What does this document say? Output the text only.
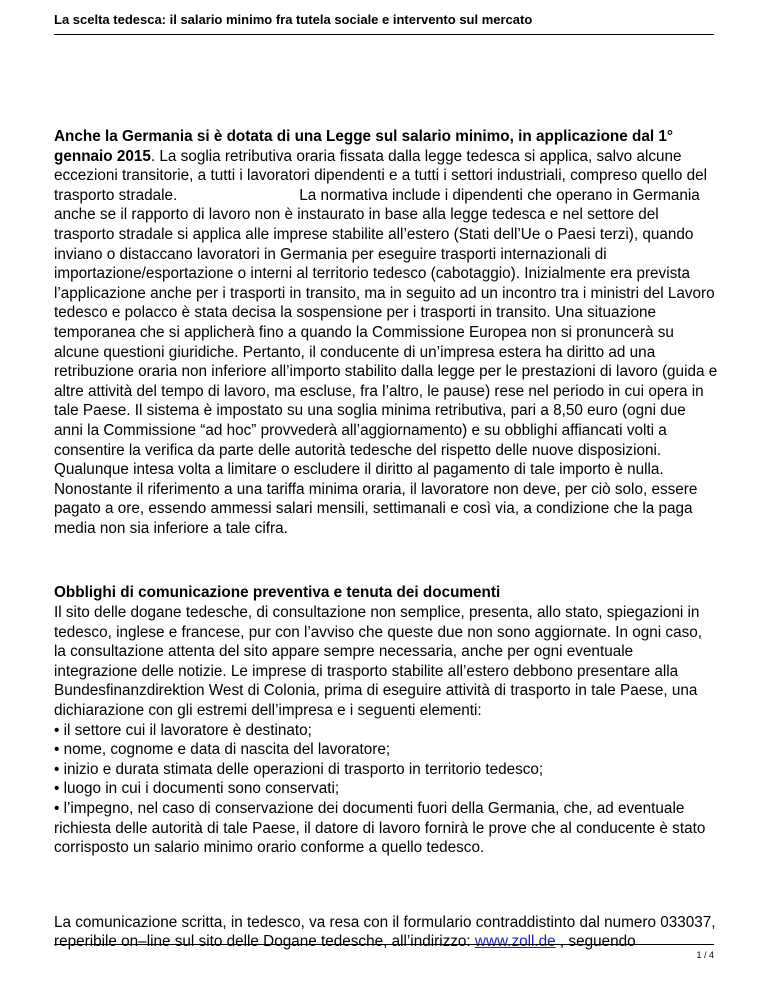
La scelta tedesca: il salario minimo fra tutela sociale e intervento sul mercato

Anche la Germania si è dotata di una Legge sul salario minimo, in applicazione dal 1° gennaio 2015. La soglia retributiva oraria fissata dalla legge tedesca si applica, salvo alcune eccezioni transitorie, a tutti i lavoratori dipendenti e a tutti i settori industriali, compreso quello del trasporto stradale.	La normativa include i dipendenti che operano in Germania anche se il rapporto di lavoro non è instaurato in base alla legge tedesca e nel settore del trasporto stradale si applica alle imprese stabilite all’estero (Stati dell’Ue o Paesi terzi), quando inviano o distaccano lavoratori in Germania per eseguire trasporti internazionali di importazione/esportazione o interni al territorio tedesco (cabotaggio). Inizialmente era prevista l’applicazione anche per i trasporti in transito, ma in seguito ad un incontro tra i ministri del Lavoro tedesco e polacco è stata decisa la sospensione per i trasporti in transito. Una situazione temporanea che si applicherà fino a quando la Commissione Europea non si pronuncerà su alcune questioni giuridiche. Pertanto, il conducente di un’impresa estera ha diritto ad una retribuzione oraria non inferiore all’importo stabilito dalla legge per le prestazioni di lavoro (guida e altre attività del tempo di lavoro, ma escluse, fra l’altro, le pause) rese nel periodo in cui opera in tale Paese. Il sistema è impostato su una soglia minima retributiva, pari a 8,50 euro (ogni due anni la Commissione “ad hoc” provvederà all’aggiornamento) e su obblighi affiancati volti a consentire la verifica da parte delle autorità tedesche del rispetto delle nuove disposizioni. Qualunque intesa volta a limitare o escludere il diritto al pagamento di tale importo è nulla. Nonostante il riferimento a una tariffa minima oraria, il lavoratore non deve, per ciò solo, essere pagato a ore, essendo ammessi salari mensili, settimanali e così via, a condizione che la paga media non sia inferiore a tale cifra.

Obblighi di comunicazione preventiva e tenuta dei documenti

Il sito delle dogane tedesche, di consultazione non semplice, presenta, allo stato, spiegazioni in tedesco, inglese e francese, pur con l’avviso che queste due non sono aggiornate. In ogni caso, la consultazione attenta del sito appare sempre necessaria, anche per ogni eventuale integrazione delle notizie. Le imprese di trasporto stabilite all’estero debbono presentare alla Bundesfinanzdirektion West di Colonia, prima di eseguire attività di trasporto in tale Paese, una dichiarazione con gli estremi dell’impresa e i seguenti elementi:

• il settore cui il lavoratore è destinato;

• nome, cognome e data di nascita del lavoratore;

• inizio e durata stimata delle operazioni di trasporto in territorio tedesco;

• luogo in cui i documenti sono conservati;

• l’impegno, nel caso di conservazione dei documenti fuori della Germania, che, ad eventuale richiesta delle autorità di tale Paese, il datore di lavoro fornirà le prove che al conducente è stato corrisposto un salario minimo orario conforme a quello tedesco.

La comunicazione scritta, in tedesco, va resa con il formulario contraddistinto dal numero 033037, reperibile on–line sul sito delle Dogane tedesche, all’indirizzo: www.zoll.de , seguendo

1 / 4
